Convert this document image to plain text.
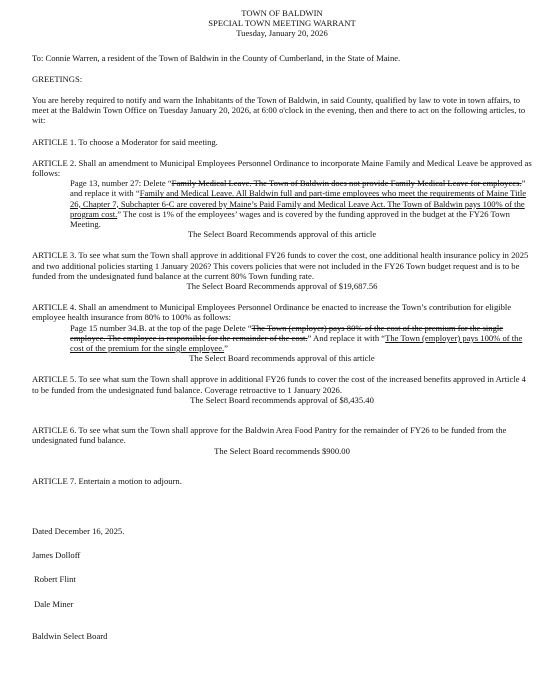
TOWN OF BALDWIN

SPECIAL TOWN MEETING WARRANT

Tuesday, January 20, 2026

To: Connie Warren, a resident of the Town of Baldwin in the County of Cumberland, in the State of Maine.

GREETINGS:

You are hereby required to notify and warn the Inhabitants of the Town of Baldwin, in said County, qualified by law to vote in town affairs, to meet at the Baldwin Town Office on Tuesday January 20, 2026, at 6:00 o'clock in the evening, then and there to act on the following articles, to wit:

ARTICLE 1. To choose a Moderator for said meeting.

ARTICLE 2. Shall an amendment to Municipal Employees Personnel Ordinance to incorporate Maine Family and Medical Leave be approved as follows:

Page 13, number 27: Delete “Family Medical Leave. The Town of Baldwin does not provide Family Medical Leave for employees.” and replace it with “Family and Medical Leave. All Baldwin full and part-time employees who meet the requirements of Maine Title 26, Chapter 7, Subchapter 6-C are covered by Maine’s Paid Family and Medical Leave Act. The Town of Baldwin pays 100% of the program cost.” The cost is 1% of the employees’ wages and is covered by the funding approved in the budget at the FY26 Town Meeting.

The Select Board Recommends approval of this article

ARTICLE 3. To see what sum the Town shall approve in additional FY26 funds to cover the cost, one additional health insurance policy in 2025 and two additional policies starting 1 January 2026? This covers policies that were not included in the FY26 Town budget request and is to be funded from the undesignated fund balance at the current 80% Town funding rate.

The Select Board Recommends approval of $19,687.56

ARTICLE 4. Shall an amendment to Municipal Employees Personnel Ordinance be enacted to increase the Town’s contribution for eligible employee health insurance from 80% to 100% as follows:

Page 15 number 34.B. at the top of the page Delete “The Town (employer) pays 80% of the cost of the premium for the single employee. The employee is responsible for the remainder of the cost.” And replace it with “The Town (employer) pays 100% of the cost of the premium for the single employee.”

The Select Board recommends approval of this article

ARTICLE 5. To see what sum the Town shall approve in additional FY26 funds to cover the cost of the increased benefits approved in Article 4 to be funded from the undesignated fund balance. Coverage retroactive to 1 January 2026.

The Select Board recommends approval of $8,435.40

ARTICLE 6. To see what sum the Town shall approve for the Baldwin Area Food Pantry for the remainder of FY26 to be funded from the undesignated fund balance.

The Select Board recommends $900.00

ARTICLE 7. Entertain a motion to adjourn.

Dated December 16, 2025.

James Dolloff

Robert Flint

Dale Miner

Baldwin Select Board
